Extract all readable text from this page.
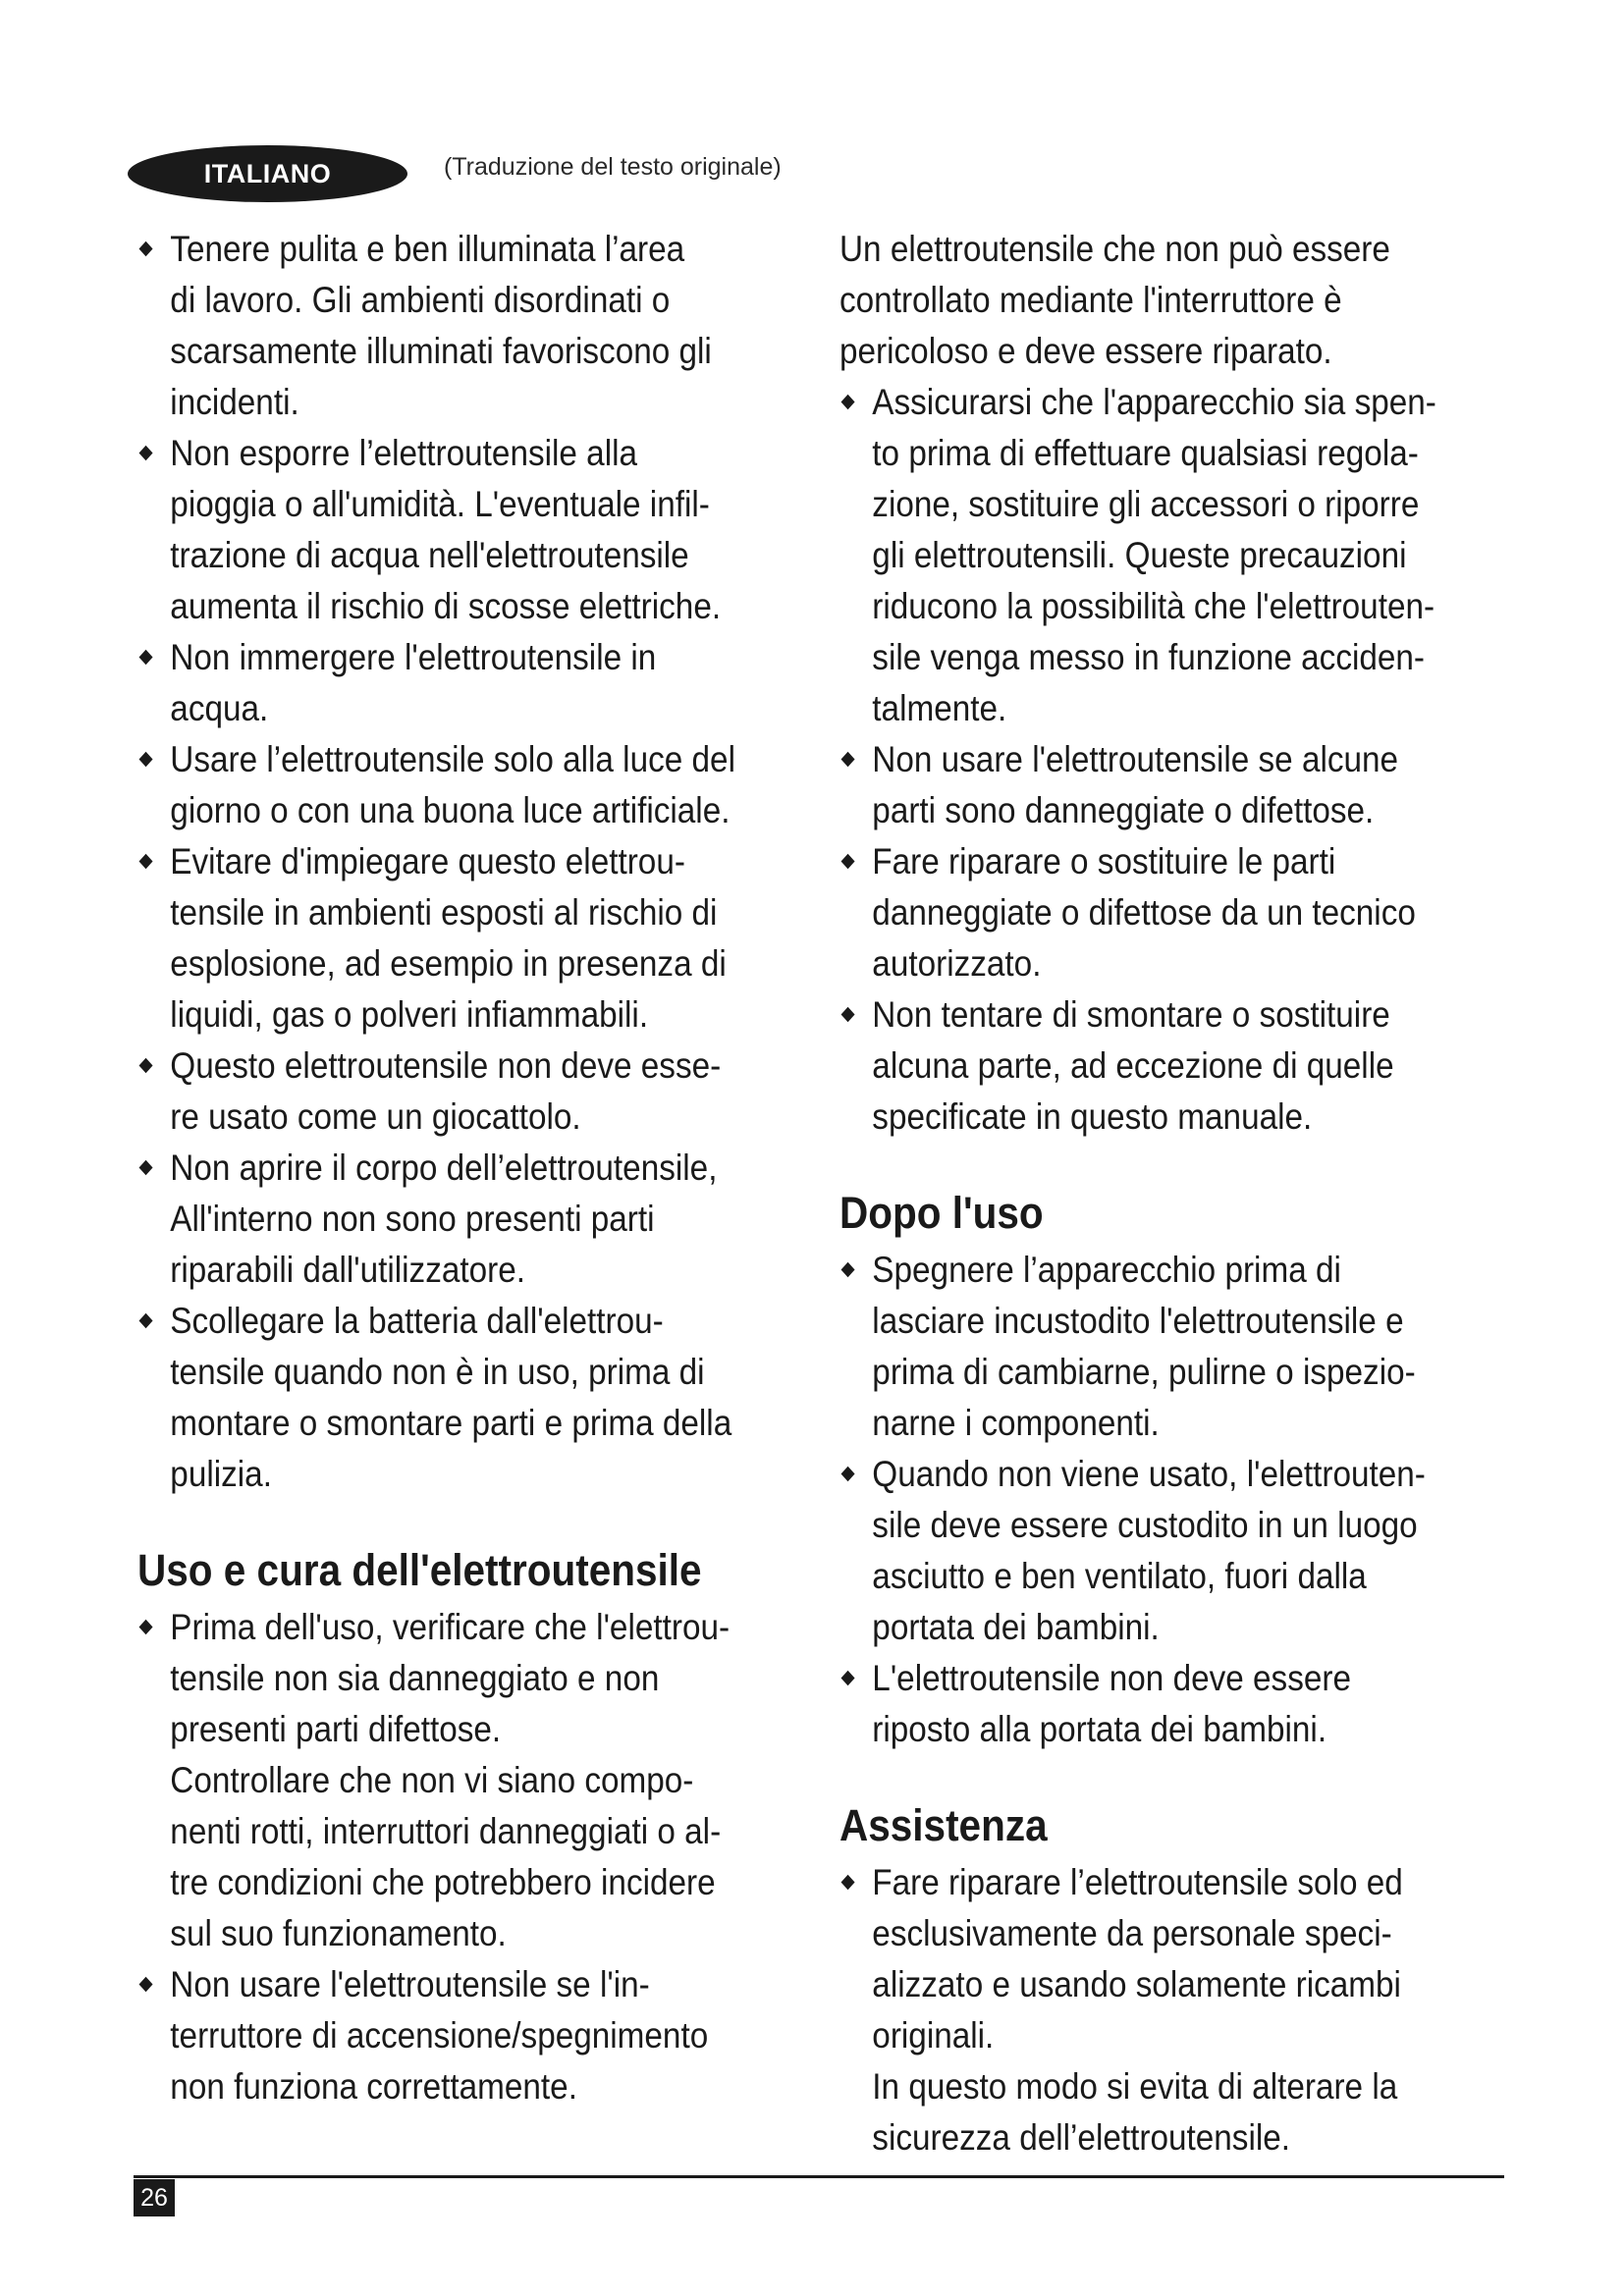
ITALIANO	(Traduzione del testo originale)
Tenere pulita e ben illuminata l’area
di lavoro. Gli ambienti disordinati o
scarsamente illuminati favoriscono gli
incidenti.
Non esporre l’elettroutensile alla
pioggia o all'umidità. L'eventuale infil-
trazione di acqua nell'elettroutensile
aumenta il rischio di scosse elettriche.
Non immergere l'elettroutensile in
acqua.
Usare l’elettroutensile solo alla luce del
giorno o con una buona luce artificiale.
Evitare d'impiegare questo elettrou-
tensile in ambienti esposti al rischio di
esplosione, ad esempio in presenza di
liquidi, gas o polveri infiammabili.
Questo elettroutensile non deve esse-
re usato come un giocattolo.
Non aprire il corpo dell’elettroutensile,
All'interno non sono presenti parti
riparabili dall'utilizzatore.
Scollegare la batteria dall'elettrou-
tensile quando non è in uso, prima di
montare o smontare parti e prima della
pulizia.
Uso e cura dell'elettroutensile
Prima dell'uso, verificare che l'elettrou-
tensile non sia danneggiato e non
presenti parti difettose.
Controllare che non vi siano compo-
nenti rotti, interruttori danneggiati o al-
tre condizioni che potrebbero incidere
sul suo funzionamento.
Non usare l'elettroutensile se l'in-
terruttore di accensione/spegnimento
non funziona correttamente.
Un elettroutensile che non può essere
controllato mediante l'interruttore è
pericoloso e deve essere riparato.
Assicurarsi che l'apparecchio sia spen-
to prima di effettuare qualsiasi regola-
zione, sostituire gli accessori o riporre
gli elettroutensili. Queste precauzioni
riducono la possibilità che l'elettrouten-
sile venga messo in funzione acciden-
talmente.
Non usare l'elettroutensile se alcune
parti sono danneggiate o difettose.
Fare riparare o sostituire le parti
danneggiate o difettose da un tecnico
autorizzato.
Non tentare di smontare o sostituire
alcuna parte, ad eccezione di quelle
specificate in questo manuale.
Dopo l'uso
Spegnere l’apparecchio prima di
lasciare incustodito l'elettroutensile e
prima di cambiarne, pulirne o ispezio-
narne i componenti.
Quando non viene usato, l'elettrouten-
sile deve essere custodito in un luogo
asciutto e ben ventilato, fuori dalla
portata dei bambini.
L'elettroutensile non deve essere
riposto alla portata dei bambini.
Assistenza
Fare riparare l’elettroutensile solo ed
esclusivamente da personale speci-
alizzato e usando solamente ricambi
originali.
In questo modo si evita di alterare la
sicurezza dell’elettroutensile.
26
